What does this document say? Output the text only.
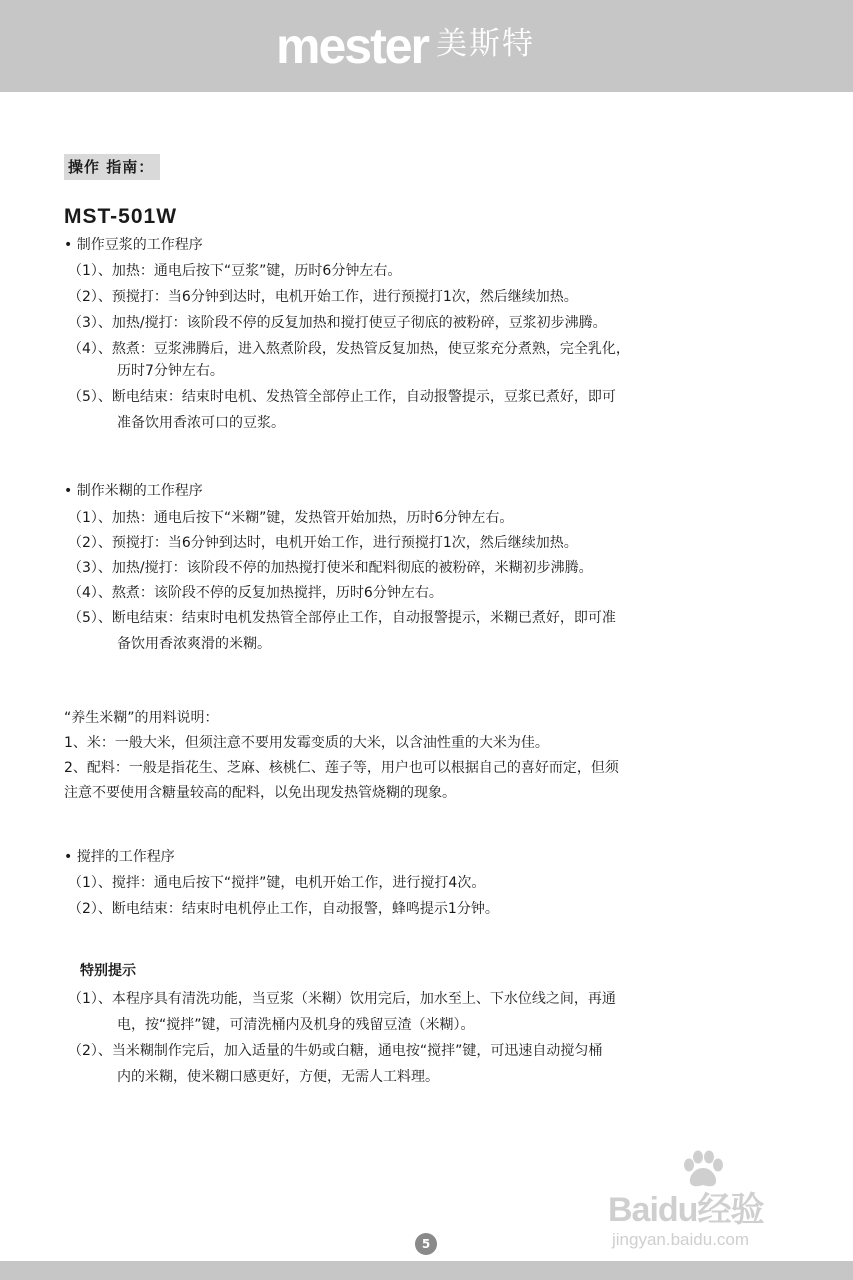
mester 美斯特
操作 指南：
MST-501W
• 制作豆浆的工作程序
（1）、加热：通电后按下“豆浆”键，历时6分钟左右。
（2）、预搅打：当6分钟到达时，电机开始工作，进行预搅打1次，然后继续加热。
（3）、加热/搅打：该阶段不停的反复加热和搅打使豆子彻底的被粉碎，豆浆初步沸腾。
（4）、熬煮：豆浆沸腾后，进入熬煮阶段，发热管反复加热，使豆浆充分煮熟，完全乳化，
历时7分钟左右。
（5）、断电结束：结束时电机、发热管全部停止工作，自动报警提示，豆浆已煮好，即可
准备饮用香浓可口的豆浆。
• 制作米糊的工作程序
（1）、加热：通电后按下“米糊”键，发热管开始加热，历时6分钟左右。
（2）、预搅打：当6分钟到达时，电机开始工作，进行预搅打1次，然后继续加热。
（3）、加热/搅打：该阶段不停的加热搅打使米和配料彻底的被粉碎，米糊初步沸腾。
（4）、熬煮：该阶段不停的反复加热搅拌，历时6分钟左右。
（5）、断电结束：结束时电机发热管全部停止工作，自动报警提示，米糊已煮好，即可准
备饮用香浓爽滑的米糊。
“养生米糊”的用料说明：
1、米：一般大米，但须注意不要用发霉变质的大米，以含油性重的大米为佳。
2、配料：一般是指花生、芝麻、核桃仁、莲子等，用户也可以根据自己的喜好而定，但须
注意不要使用含糖量较高的配料，以免出现发热管烧糊的现象。
• 搅拌的工作程序
（1）、搅拌：通电后按下“搅拌”键，电机开始工作，进行搅打4次。
（2）、断电结束：结束时电机停止工作，自动报警，蜂鸣提示1分钟。
特别提示
（1）、本程序具有清洗功能，当豆浆（米糊）饮用完后，加水至上、下水位线之间，再通
电，按“搅拌”键，可清洗桶内及机身的残留豆渣（米糊）。
（2）、当米糊制作完后，加入适量的牛奶或白糖，通电按“搅拌”键，可迅速自动搅匀桶
内的米糊，使米糊口感更好，方便，无需人工料理。
Baidu经验
jingyan.baidu.com
5
